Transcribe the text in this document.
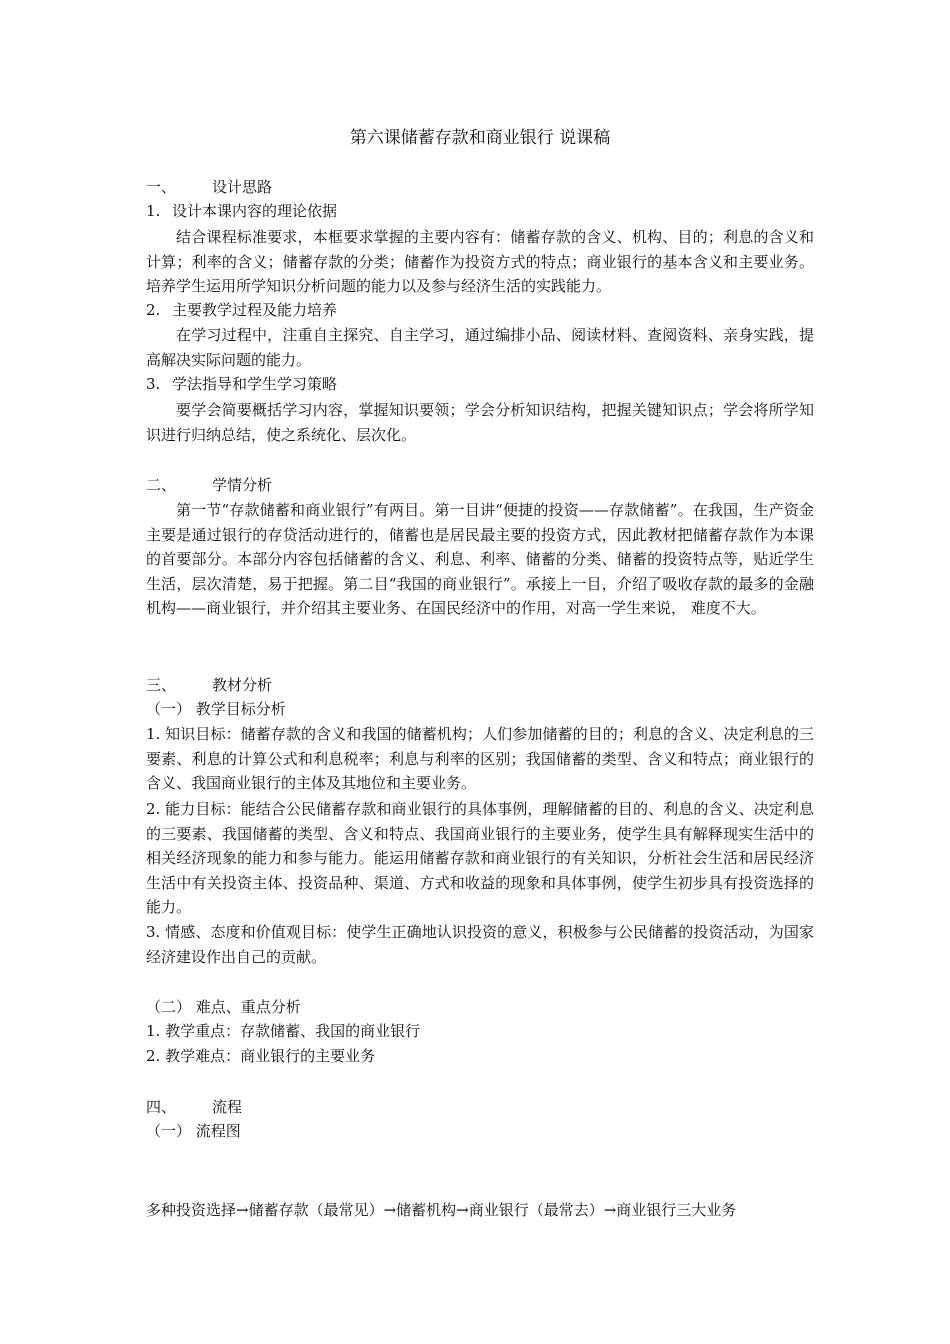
第六课储蓄存款和商业银行 说课稿
一、 设计思路
1. 设计本课内容的理论依据
结合课程标准要求，本框要求掌握的主要内容有：储蓄存款的含义、机构、目的；利息的含义和计算；利率的含义；储蓄存款的分类；储蓄作为投资方式的特点；商业银行的基本含义和主要业务。培养学生运用所学知识分析问题的能力以及参与经济生活的实践能力。
2. 主要教学过程及能力培养
在学习过程中，注重自主探究、自主学习，通过编排小品、阅读材料、查阅资料、亲身实践，提高解决实际问题的能力。
3. 学法指导和学生学习策略
要学会简要概括学习内容，掌握知识要领；学会分析知识结构，把握关键知识点；学会将所学知识进行归纳总结，使之系统化、层次化。
二、 学情分析
第一节“存款储蓄和商业银行”有两目。第一目讲“便捷的投资——存款储蓄”。在我国，生产资金主要是通过银行的存贷活动进行的，储蓄也是居民最主要的投资方式，因此教材把储蓄存款作为本课的首要部分。本部分内容包括储蓄的含义、利息、利率、储蓄的分类、储蓄的投资特点等，贴近学生生活，层次清楚，易于把握。第二目“我国的商业银行”。承接上一目，介绍了吸收存款的最多的金融机构——商业银行，并介绍其主要业务、在国民经济中的作用，对高一学生来说， 难度不大。
三、 教材分析
（一） 教学目标分析
1. 知识目标：储蓄存款的含义和我国的储蓄机构；人们参加储蓄的目的；利息的含义、决定利息的三要素、利息的计算公式和利息税率；利息与利率的区别；我国储蓄的类型、含义和特点；商业银行的含义、我国商业银行的主体及其地位和主要业务。
2. 能力目标：能结合公民储蓄存款和商业银行的具体事例，理解储蓄的目的、利息的含义、决定利息的三要素、我国储蓄的类型、含义和特点、我国商业银行的主要业务，使学生具有解释现实生活中的相关经济现象的能力和参与能力。能运用储蓄存款和商业银行的有关知识，分析社会生活和居民经济生活中有关投资主体、投资品种、渠道、方式和收益的现象和具体事例，使学生初步具有投资选择的能力。
3. 情感、态度和价值观目标：使学生正确地认识投资的意义，积极参与公民储蓄的投资活动，为国家经济建设作出自己的贡献。
（二） 难点、重点分析
1. 教学重点：存款储蓄、我国的商业银行
2. 教学难点：商业银行的主要业务
四、 流程
（一） 流程图
多种投资选择→储蓄存款（最常见）→储蓄机构→商业银行（最常去）→商业银行三大业务
